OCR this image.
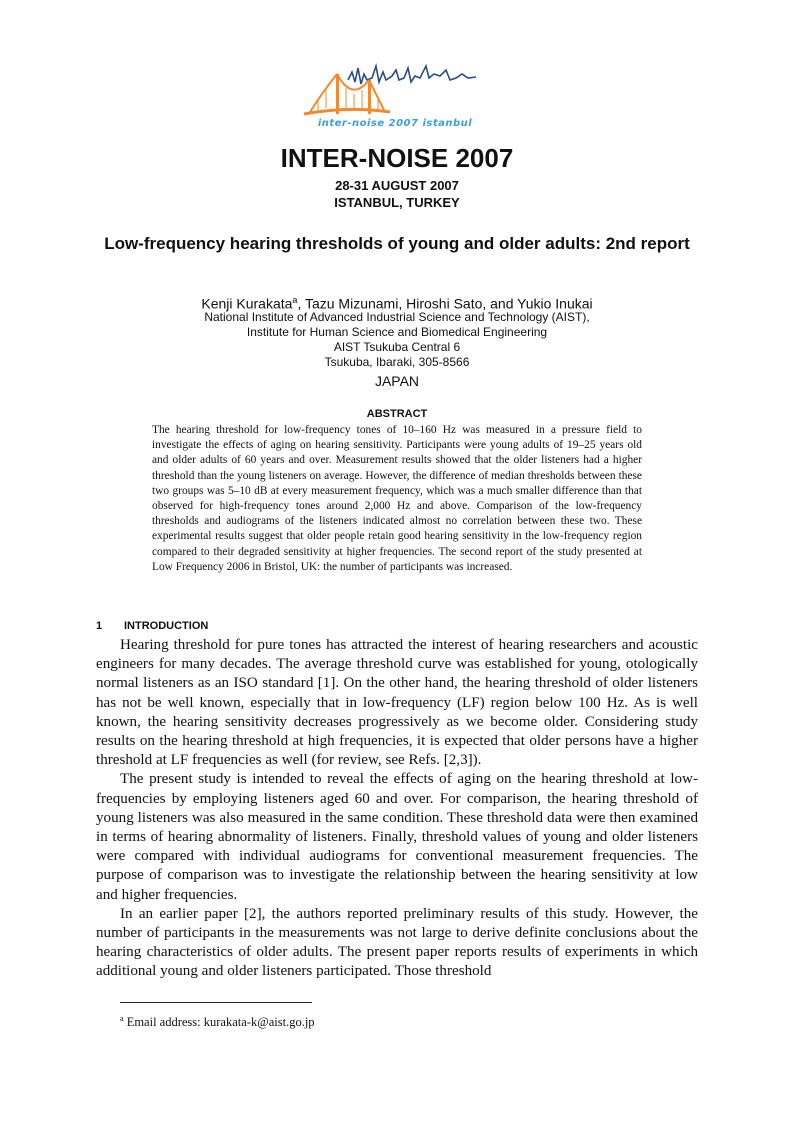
inter-noise 2007 istanbul
INTER-NOISE 2007
28-31 AUGUST 2007
ISTANBUL, TURKEY
Low-frequency hearing thresholds of young and older adults: 2nd report
Kenji Kurakata$^a$, Tazu Mizunami, Hiroshi Sato, and Yukio Inukai
National Institute of Advanced Industrial Science and Technology (AIST),
Institute for Human Science and Biomedical Engineering
AIST Tsukuba Central 6
Tsukuba, Ibaraki, 305-8566
JAPAN
ABSTRACT

The hearing threshold for low-frequency tones of 10–160 Hz was measured in a pressure field to investigate the effects of aging on hearing sensitivity. Participants were young adults of 19–25 years old and older adults of 60 years and over. Measurement results showed that the older listeners had a higher threshold than the young listeners on average. However, the difference of median thresholds between these two groups was 5–10 dB at every measurement frequency, which was a much smaller difference than that observed for high-frequency tones around 2,000 Hz and above. Comparison of the low-frequency thresholds and audiograms of the listeners indicated almost no correlation between these two. These experimental results suggest that older people retain good hearing sensitivity in the low-frequency region compared to their degraded sensitivity at higher frequencies. The second report of the study presented at Low Frequency 2006 in Bristol, UK: the number of participants was increased.

1 INTRODUCTION

Hearing threshold for pure tones has attracted the interest of hearing researchers and acoustic engineers for many decades. The average threshold curve was established for young, otologically normal listeners as an ISO standard [1]. On the other hand, the hearing threshold of older listeners has not be well known, especially that in low-frequency (LF) region below 100 Hz. As is well known, the hearing sensitivity decreases progressively as we become older. Considering study results on the hearing threshold at high frequencies, it is expected that older persons have a higher threshold at LF frequencies as well (for review, see Refs. [2,3]).

The present study is intended to reveal the effects of aging on the hearing threshold at low-frequencies by employing listeners aged 60 and over. For comparison, the hearing threshold of young listeners was also measured in the same condition. These threshold data were then examined in terms of hearing abnormality of listeners. Finally, threshold values of young and older listeners were compared with individual audiograms for conventional measurement frequencies. The purpose of comparison was to investigate the relationship between the hearing sensitivity at low and higher frequencies.

In an earlier paper [2], the authors reported preliminary results of this study. However, the number of participants in the measurements was not large to derive definite conclusions about the hearing characteristics of older adults. The present paper reports results of experiments in which additional young and older listeners participated. Those threshold

$^a$ Email address: kurakata-k@aist.go.jp
